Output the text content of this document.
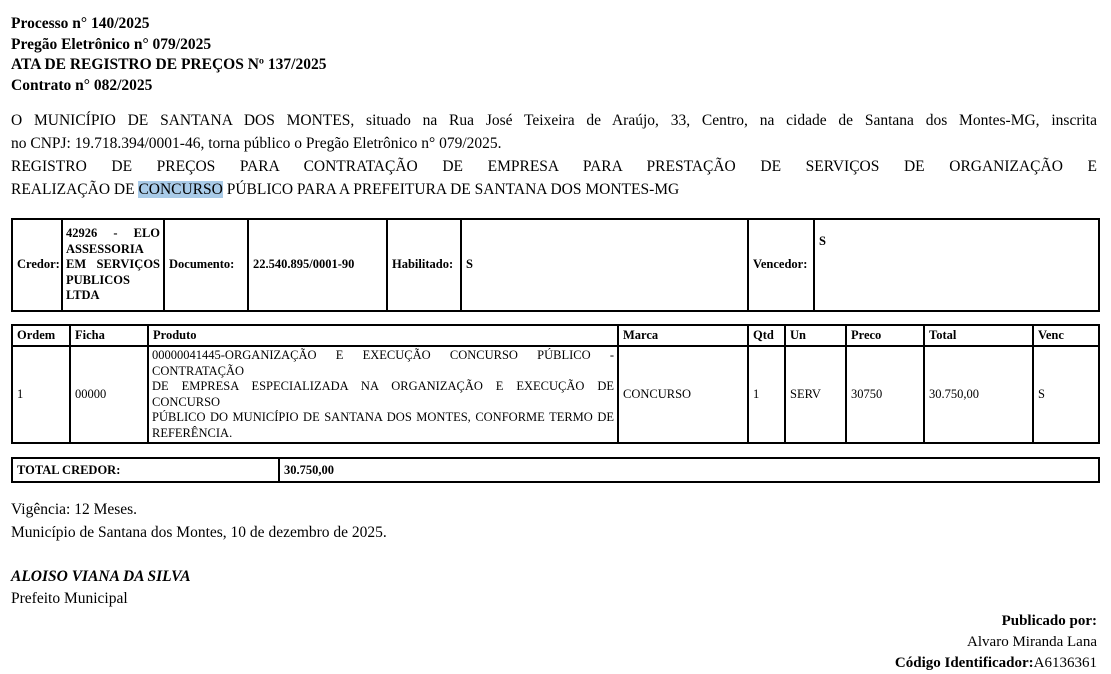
Processo n° 140/2025
Pregão Eletrônico n° 079/2025
ATA DE REGISTRO DE PREÇOS Nº 137/2025
Contrato n° 082/2025
O MUNICÍPIO DE SANTANA DOS MONTES, situado na Rua José Teixeira de Araújo, 33, Centro, na cidade de Santana dos Montes-MG, inscrita
no CNPJ: 19.718.394/0001-46, torna público o Pregão Eletrônico n° 079/2025.
REGISTRO DE PREÇOS PARA CONTRATAÇÃO DE EMPRESA PARA PRESTAÇÃO DE SERVIÇOS DE ORGANIZAÇÃO E
REALIZAÇÃO DE CONCURSO PÚBLICO PARA A PREFEITURA DE SANTANA DOS MONTES-MG
Credor:	42926 - ELO ASSESSORIA EM SERVIÇOS PUBLICOS LTDA	Documento:	22.540.895/0001-90	Habilitado:	S	Vencedor:	S
Ordem	Ficha	Produto	Marca	Qtd	Un	Preco	Total	Venc
1	00000	00000041445-ORGANIZAÇÃO E EXECUÇÃO CONCURSO PÚBLICO - CONTRATAÇÃO
DE EMPRESA ESPECIALIZADA NA ORGANIZAÇÃO E EXECUÇÃO DE CONCURSO
PÚBLICO DO MUNICÍPIO DE SANTANA DOS MONTES, CONFORME TERMO DE
REFERÊNCIA.	CONCURSO	1	SERV	30750	30.750,00	S
TOTAL CREDOR:	30.750,00
Vigência: 12 Meses.
Município de Santana dos Montes, 10 de dezembro de 2025.
ALOISO VIANA DA SILVA
Prefeito Municipal
Publicado por:
Alvaro Miranda Lana
Código Identificador:A6136361
